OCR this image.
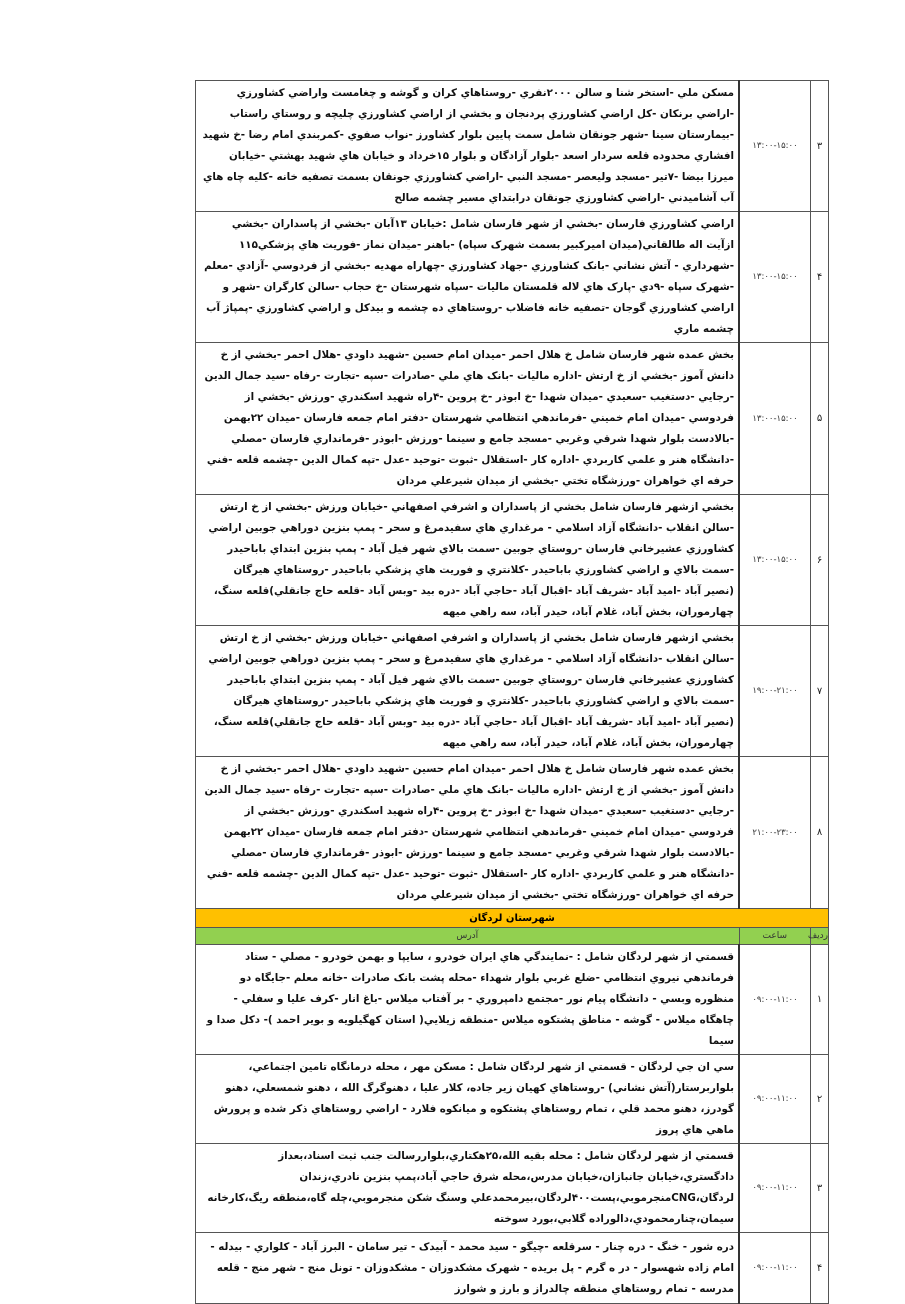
۳	۱۳:۰۰-۱۵:۰۰	مسکن ملي -استخر شنا و سالن ۲۰۰۰نفري -روستاهاي کران و گوشه و چغامست واراضي کشاورزي -اراضي برنکان -کل اراضي کشاورزي پردنجان و بخشي از اراضي کشاورزي چليچه و روستاي راستاب -بيمارستان سينا -شهر جونقان شامل سمت پايين بلوار کشاورز -نواب صفوي -کمربندي امام رضا -خ شهيد افشاري محدوده قلعه سردار اسعد -بلوار آزادگان و بلوار ۱۵خرداد و خيابان هاي شهيد بهشتي -خيابان ميرزا بيضا -۷تير -مسجد وليعصر -مسجد النبي -اراضي کشاورزي جونقان بسمت تصفيه خانه -کليه چاه هاي آب آشاميدني -اراضي کشاورزي جونقان درابتداي مسير چشمه صالح
۴	۱۳:۰۰-۱۵:۰۰	اراضي کشاورزي فارسان -بخشي از شهر فارسان شامل :خيابان ۱۳آبان -بخشي از پاسداران -بخشي ازآيت اله طالقاني(ميدان اميرکبير بسمت شهرک سپاه) -باهنر -ميدان نماز -فوريت هاي پزشکي۱۱۵ -شهرداري - آتش نشاني -بانک کشاورزي -جهاد کشاورزي -چهاراه مهديه -بخشي از فردوسي -آزادي -معلم -شهرک سپاه -۹دي -پارک هاي لاله قلمستان ماليات -سپاه شهرستان -خ حجاب -سالن کارگران -شهر و اراضي کشاورزي گوجان -تصفيه خانه فاضلاب -روستاهاي ده چشمه و بيدکل و اراضي کشاورزي -پمپاژ آب چشمه ماري
۵	۱۳:۰۰-۱۵:۰۰	بخش عمده شهر فارسان شامل خ هلال احمر -ميدان امام حسين -شهيد داودي -هلال احمر -بخشي از خ دانش آموز -بخشي از خ ارتش -اداره ماليات -بانک هاي ملي -صادرات -سپه -تجارت -رفاه -سيد جمال الدين -رجايي -دستغيب -سعيدي -ميدان شهدا -خ ابوذر -خ پروين -۴راه شهيد اسکندري -ورزش -بخشي از فردوسي -ميدان امام خميني -فرماندهي انتظامي شهرستان -دفتر امام جمعه فارسان -ميدان ۲۲بهمن -بالادست بلوار شهدا شرقي وغربي -مسجد جامع و سينما -ورزش -ابوذر -فرمانداري فارسان -مصلي -دانشگاه هنر و علمي کاربردي -اداره کار -استقلال -ثبوت -توحيد -عدل -تپه کمال الدين -چشمه قلعه -فني حرفه اي خواهران -ورزشگاه تختي -بخشي از ميدان شيرعلي مردان
۶	۱۳:۰۰-۱۵:۰۰	بخشي ازشهر فارسان شامل بخشي از پاسداران و اشرفي اصفهاني -خيابان ورزش -بخشي از خ ارتش -سالن انقلاب -دانشگاه آزاد اسلامي - مرغداري هاي سفيدمرغ و سحر - پمپ بنزين دوراهي جوبين اراضي کشاورزي عشيرخاني فارسان -روستاي جوبين -سمت بالاي شهر فيل آباد - پمپ بنزين ابتداي باباحيدر -سمت بالاي و اراضي کشاورزي باباحيدر -کلانتري و فوريت هاي پزشکي باباحيدر -روستاهاي هيرگان (نصير آباد -اميد آباد -شريف آباد -اقبال آباد -حاجي آباد -دره بيد -وبس آباد -قلعه حاج جانقلي)قلعه سنگ، چهارموران، بخش آباد، غلام آباد، حيدر آباد، سه راهي ميهه
۷	۱۹:۰۰-۲۱:۰۰	بخشي ازشهر فارسان شامل بخشي از پاسداران و اشرفي اصفهاني -خيابان ورزش -بخشي از خ ارتش -سالن انقلاب -دانشگاه آزاد اسلامي - مرغداري هاي سفيدمرغ و سحر - پمپ بنزين دوراهي جوبين اراضي کشاورزي عشيرخاني فارسان -روستاي جوبين -سمت بالاي شهر فيل آباد - پمپ بنزين ابتداي باباحيدر -سمت بالاي و اراضي کشاورزي باباحيدر -کلانتري و فوريت هاي پزشکي باباحيدر -روستاهاي هيرگان (نصير آباد -اميد آباد -شريف آباد -اقبال آباد -حاجي آباد -دره بيد -وبس آباد -قلعه حاج جانقلي)قلعه سنگ، چهارموران، بخش آباد، غلام آباد، حيدر آباد، سه راهي ميهه
۸	۲۱:۰۰-۲۳:۰۰	بخش عمده شهر فارسان شامل خ هلال احمر -ميدان امام حسين -شهيد داودي -هلال احمر -بخشي از خ دانش آموز -بخشي از خ ارتش -اداره ماليات -بانک هاي ملي -صادرات -سپه -تجارت -رفاه -سيد جمال الدين -رجايي -دستغيب -سعيدي -ميدان شهدا -خ ابوذر -خ پروين -۴راه شهيد اسکندري -ورزش -بخشي از فردوسي -ميدان امام خميني -فرماندهي انتظامي شهرستان -دفتر امام جمعه فارسان -ميدان ۲۲بهمن -بالادست بلوار شهدا شرقي وغربي -مسجد جامع و سينما -ورزش -ابوذر -فرمانداري فارسان -مصلي -دانشگاه هنر و علمي کاربردي -اداره کار -استقلال -ثبوت -توحيد -عدل -تپه کمال الدين -چشمه قلعه -فني حرفه اي خواهران -ورزشگاه تختي -بخشي از ميدان شيرعلي مردان
شهرستان لردگان		
ردیف	ساعت	آدرس
۱	۰۹:۰۰-۱۱:۰۰	قسمتي از شهر لردگان شامل : -نمايندگي هاي ايران خودرو ، سايپا و بهمن خودرو - مصلي - ستاد فرماندهي نيروي انتظامي -ضلع غربي بلوار شهداء -محله پشت بانک صادرات -خانه معلم -جايگاه دو منظوره وبسي - دانشگاه پيام نور -مجتمع دامپروري - بر آفتاب ميلاس -باغ انار -کرف عليا و سفلي - چاهگاه ميلاس - گوشه - مناطق پشتکوه ميلاس -منطقه زيلايي( استان کهگيلويه و بوير احمد )- دکل صدا و سيما
۲	۰۹:۰۰-۱۱:۰۰	سي ان جي لردگان - قسمتي از شهر لردگان شامل : مسکن مهر ، محله درمانگاه تامين اجتماعي، بلواربرستار(آتش نشاني) -روستاهاي کهيان زير جاده، کلار عليا ، دهنوگرگ الله ، دهنو شمسعلي، دهنو گودرز، دهنو محمد قلي ، تمام روستاهاي پشتکوه و ميانکوه فلارد - اراضي روستاهاي ذکر شده و پرورش ماهي هاي پروز
۳	۰۹:۰۰-۱۱:۰۰	قسمتي از شهر لردگان شامل : محله بقيه الله،۲۵هکتاري،بلواررسالت جنب ثبت اسناد،بعداز دادگستري،خيابان جانبازان،خيابان مدرس،محله شرق حاجي آباد،پمپ بنزين نادري،زندان لردگان،CNGمنجرموبي،پست۴۰۰لردگان،بيرمحمدعلي وسنگ شکن منجرموبي،چله گاه،منطقه ريگ،کارخانه سيمان،چنارمحمودي،دالوراده گلابي،بورد سوخته
۴	۰۹:۰۰-۱۱:۰۰	دره شور - خنگ - دره چنار - سرقلعه -چيگو - سيد محمد - آبيدک - تير سامان - البرز آباد - کلواري - بيدله - امام زاده شهسوار - در ه گرم - پل بريده - شهرک مشکدوزان - مشکدوزان - تونل منج - شهر منج - قلعه مدرسه - تمام روستاهاي منطقه چالدراز و بارز و شوارز
